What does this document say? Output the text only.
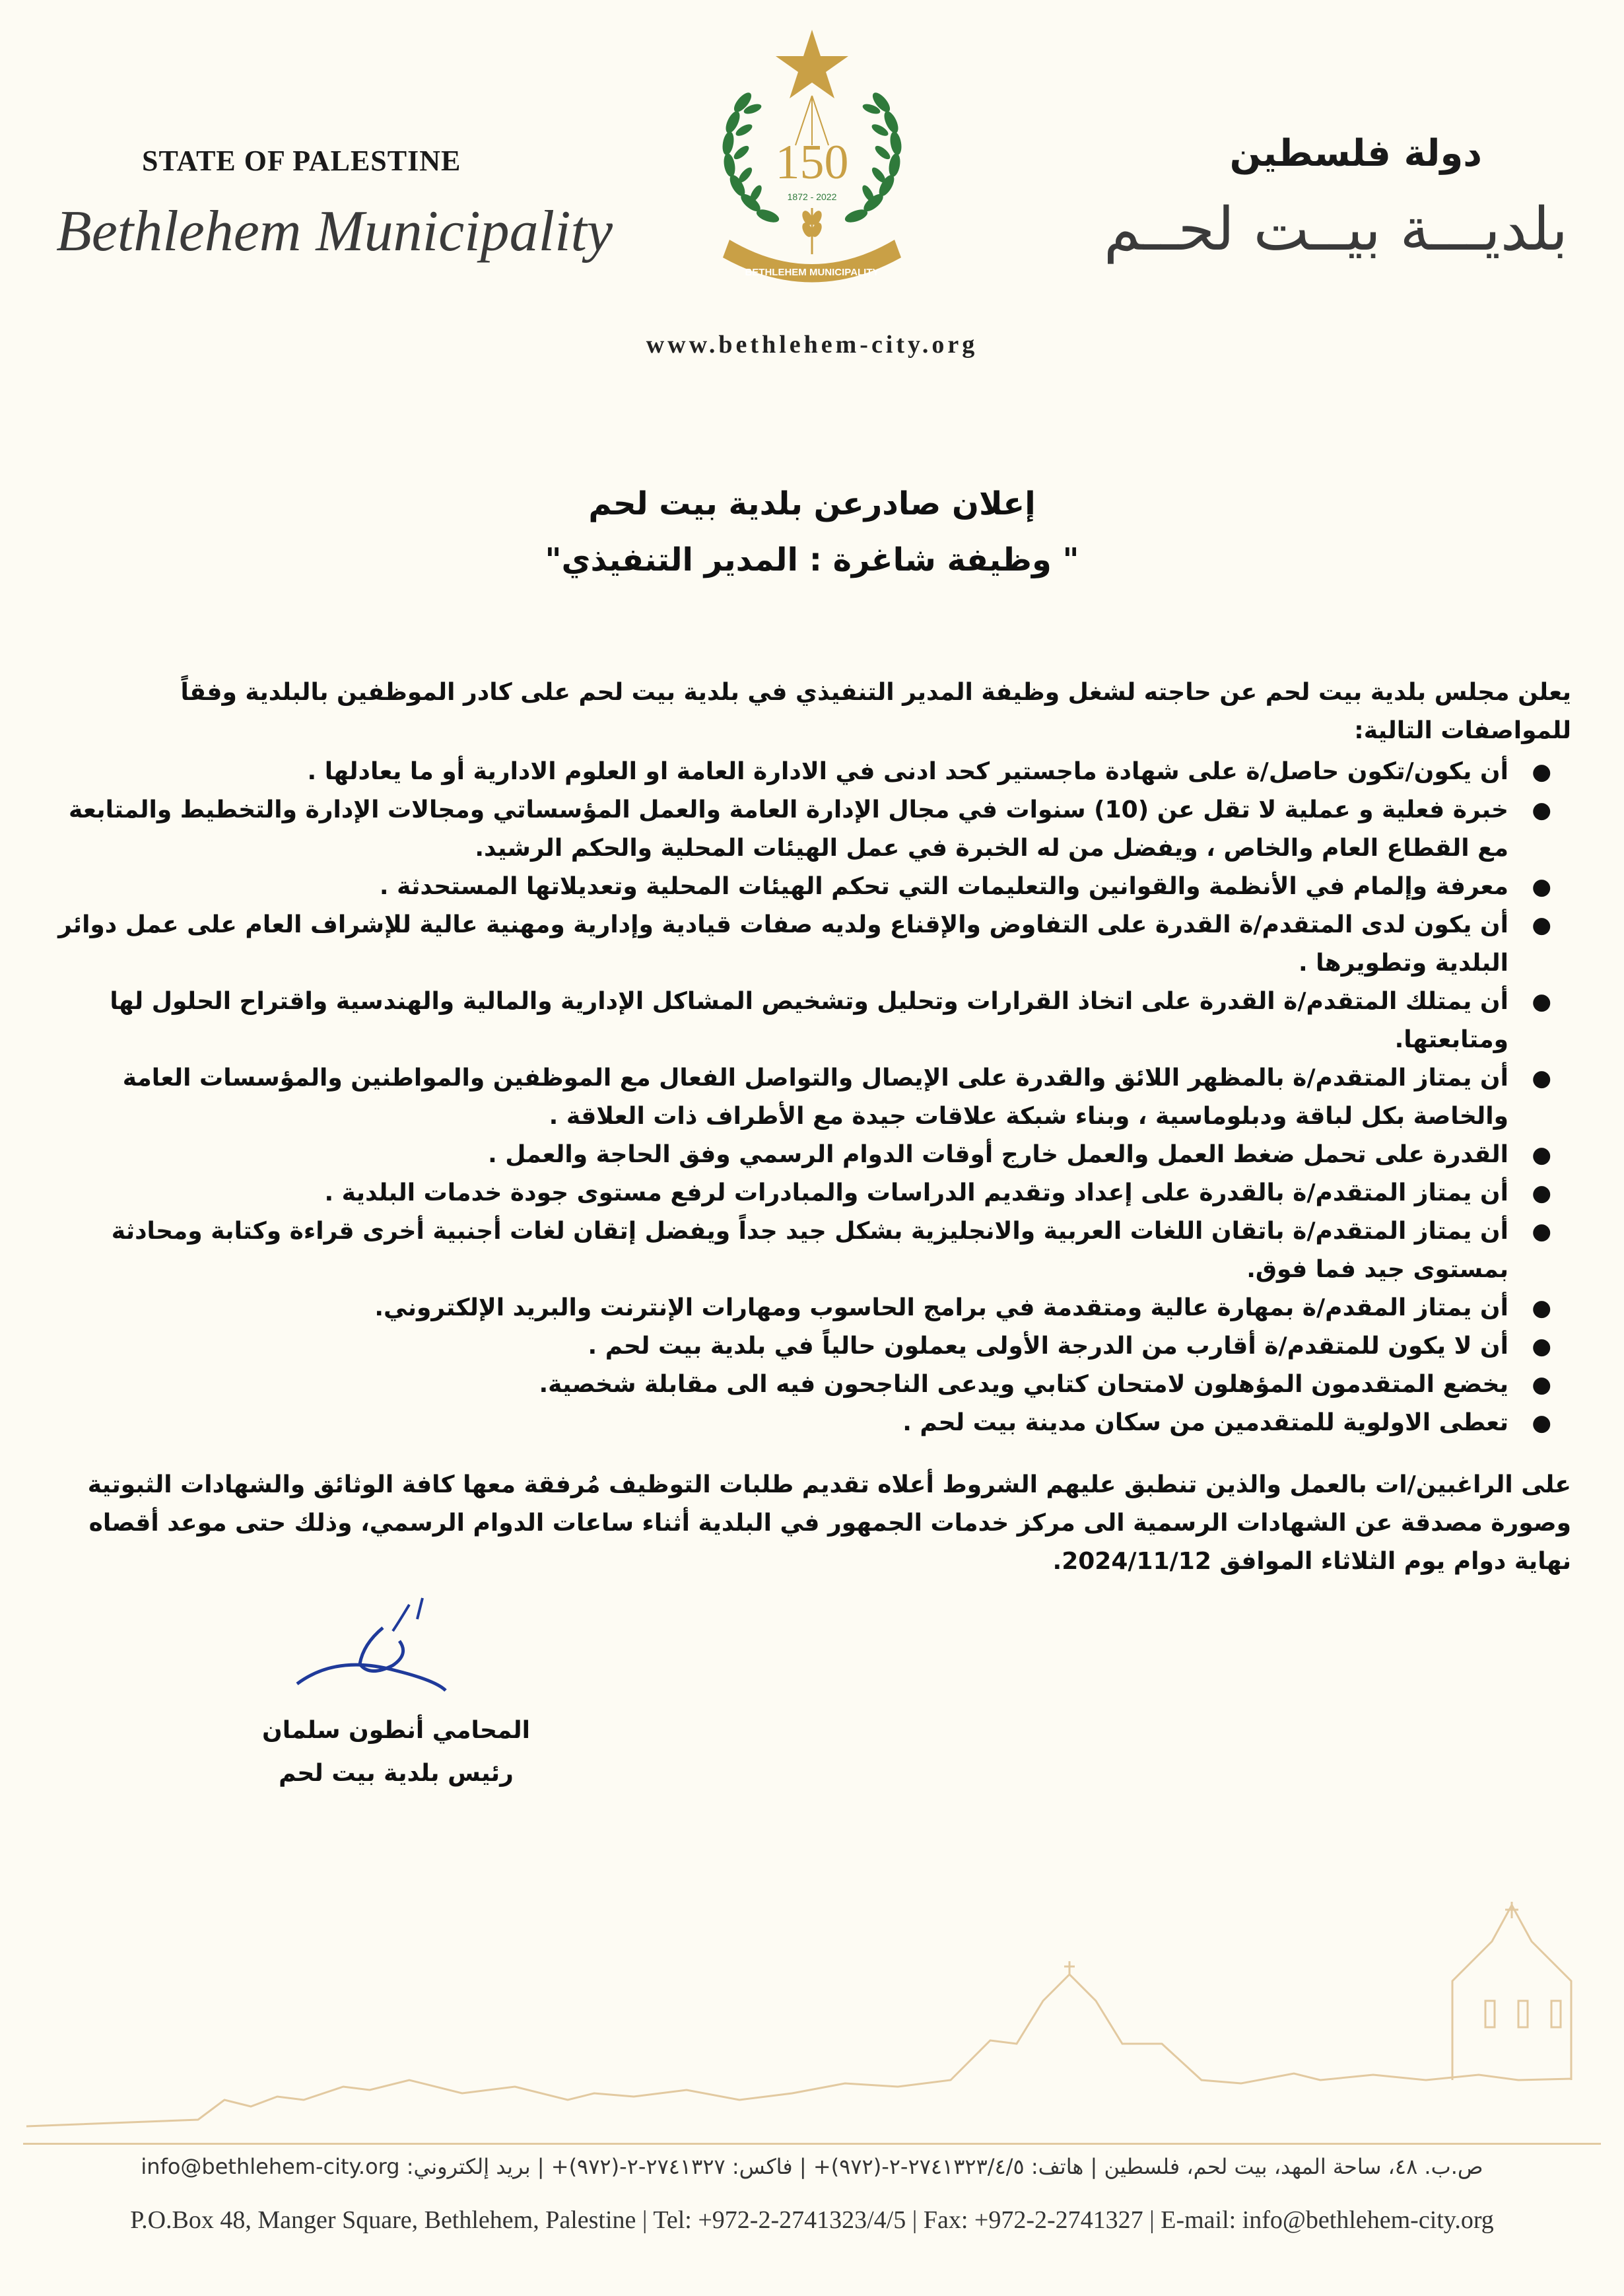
STATE OF PALESTINE
Bethlehem Municipality
دولة فلسطين
بلديـــة بيــت لحــم
150
1872 - 2022
BETHLEHEM MUNICIPALITY
www.bethlehem-city.org
إعلان صادرعن بلدية بيت لحم
" وظيفة شاغرة : المدير التنفيذي"
يعلن مجلس بلدية بيت لحم عن حاجته لشغل وظيفة المدير التنفيذي في بلدية بيت لحم على كادر الموظفين بالبلدية وفقاً للمواصفات التالية:
●
أن يكون/تكون حاصل/ة على شهادة ماجستير كحد ادنى في الادارة العامة او العلوم الادارية أو ما يعادلها .
●
خبرة فعلية و عملية لا تقل عن (10) سنوات في مجال الإدارة العامة والعمل المؤسساتي ومجالات الإدارة والتخطيط والمتابعة مع القطاع العام والخاص ، ويفضل من له الخبرة في عمل الهيئات المحلية والحكم الرشيد.
●
معرفة وإلمام في الأنظمة والقوانين والتعليمات التي تحكم الهيئات المحلية وتعديلاتها المستحدثة .
●
أن يكون لدى المتقدم/ة القدرة على التفاوض والإقناع ولديه صفات قيادية وإدارية ومهنية عالية للإشراف العام على عمل دوائر البلدية وتطويرها .
●
أن يمتلك المتقدم/ة القدرة على اتخاذ القرارات وتحليل وتشخيص المشاكل الإدارية والمالية والهندسية واقتراح الحلول لها ومتابعتها.
●
أن يمتاز المتقدم/ة بالمظهر اللائق والقدرة على الإيصال والتواصل الفعال مع الموظفين والمواطنين والمؤسسات العامة والخاصة بكل لباقة ودبلوماسية ، وبناء شبكة علاقات جيدة مع الأطراف ذات العلاقة .
●
القدرة على تحمل ضغط العمل والعمل خارج أوقات الدوام الرسمي وفق الحاجة والعمل .
●
أن يمتاز المتقدم/ة بالقدرة على إعداد وتقديم الدراسات والمبادرات لرفع مستوى جودة خدمات البلدية .
●
أن يمتاز المتقدم/ة باتقان اللغات العربية والانجليزية بشكل جيد جداً ويفضل إتقان لغات أجنبية أخرى قراءة وكتابة ومحادثة بمستوى جيد فما فوق.
●
أن يمتاز المقدم/ة بمهارة عالية ومتقدمة في برامج الحاسوب ومهارات الإنترنت والبريد الإلكتروني.
●
أن لا يكون للمتقدم/ة أقارب من الدرجة الأولى يعملون حالياً في بلدية بيت لحم .
●
يخضع المتقدمون المؤهلون لامتحان كتابي ويدعى الناجحون فيه الى مقابلة شخصية.
●
تعطى الاولوية للمتقدمين من سكان مدينة بيت لحم .
على الراغبين/ات بالعمل والذين تنطبق عليهم الشروط أعلاه تقديم طلبات التوظيف مُرفقة معها كافة الوثائق والشهادات الثبوتية وصورة مصدقة عن الشهادات الرسمية الى مركز خدمات الجمهور في البلدية أثناء ساعات الدوام الرسمي، وذلك حتى موعد أقصاه نهاية دوام يوم الثلاثاء الموافق 2024/11/12.
المحامي أنطون سلمان
رئيس بلدية بيت لحم
ص.ب. ٤٨، ساحة المهد، بيت لحم، فلسطين | هاتف: ٢٧٤١٣٢٣/٤/٥-٢-(٩٧٢)+ | فاكس: ٢٧٤١٣٢٧-٢-(٩٧٢)+ | بريد إلكتروني: info@bethlehem-city.org
P.O.Box 48, Manger Square, Bethlehem, Palestine | Tel: +972-2-2741323/4/5 | Fax: +972-2-2741327 | E-mail: info@bethlehem-city.org
